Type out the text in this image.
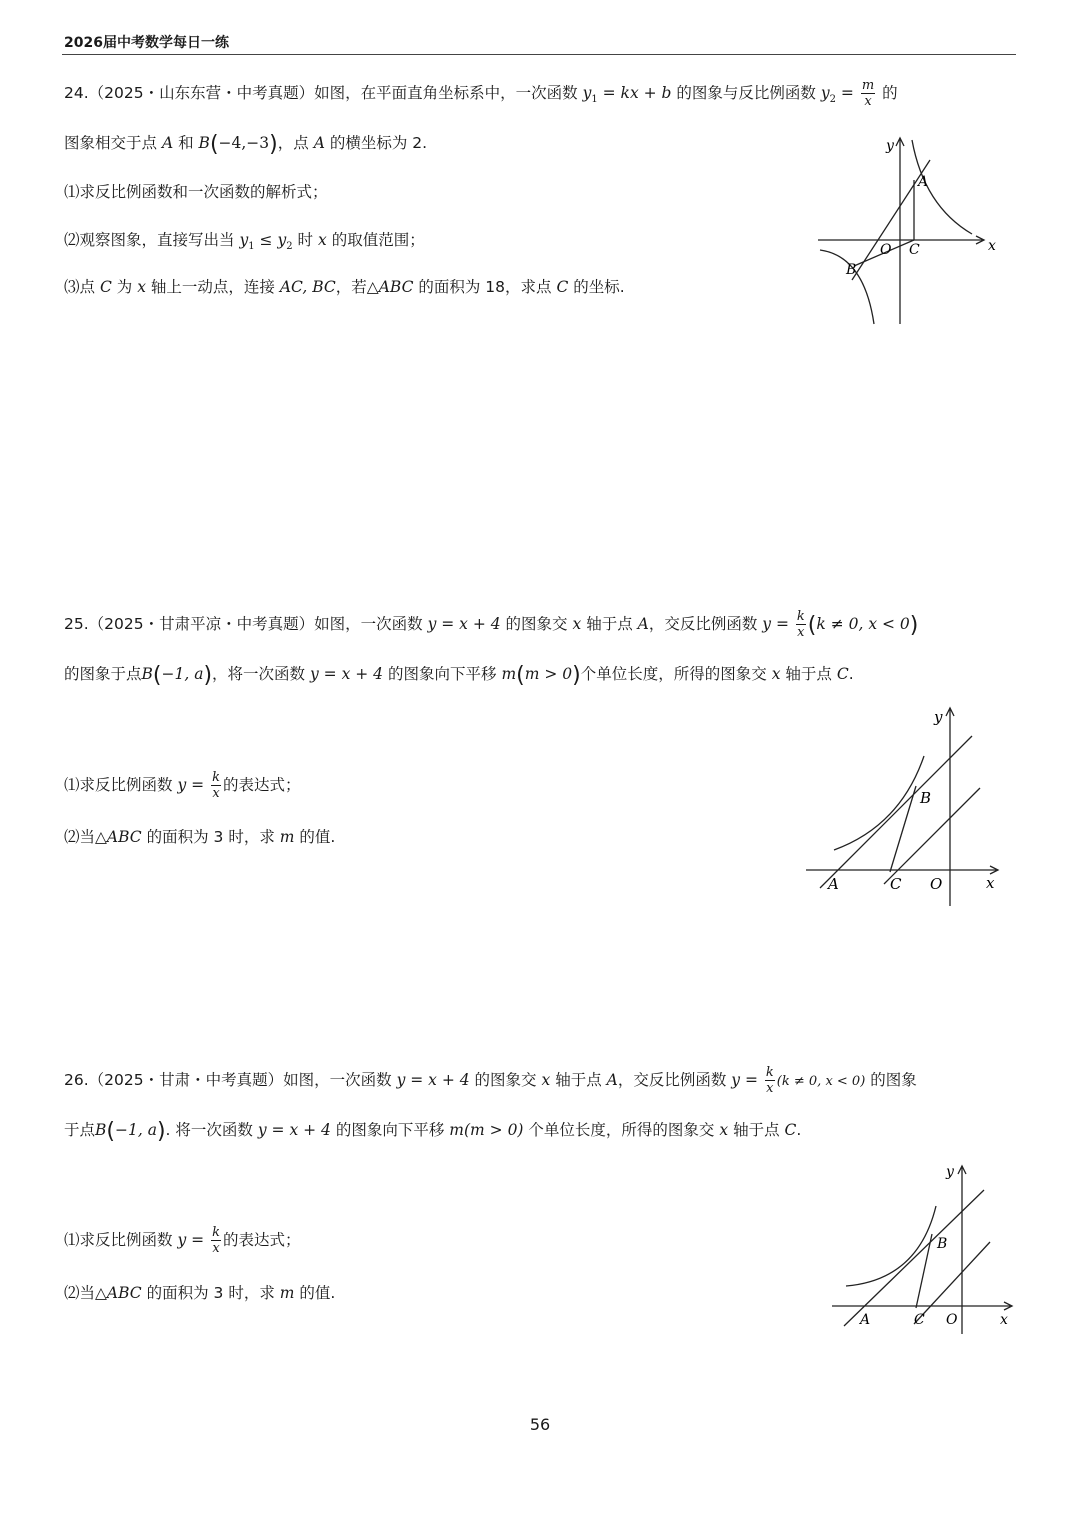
2026届中考数学每日一练
24.（2025・山东东营・中考真题）如图，在平面直角坐标系中，一次函数 $y_1$ = kx + b 的图象与反比例函数 $y_2 = \frac{m}{x}$ 的
图象相交于点 A 和 B(−4,−3)，点 A 的横坐标为 2.
⑴求反比例函数和一次函数的解析式；
⑵观察图象，直接写出当 $y_1 \le y_2$ 时 x 的取值范围；
⑶点 C 为 x 轴上一动点，连接 AC, BC，若△ABC 的面积为 18，求点 C 的坐标.
y
x
A
B
O C
25.（2025・甘肃平凉・中考真题）如图，一次函数 y = x + 4 的图象交 x 轴于点 A，交反比例函数 $y = \frac{k}{x} (k \ne 0$, x < 0)
的图象于点B(−1, a)，将一次函数 y = x + 4 的图象向下平移 m(m > 0)个单位长度，所得的图象交 x 轴于点 C.
⑴求反比例函数 $y = \frac{k}{x}$ 的表达式；
⑵当△ABC 的面积为 3 时，求 m 的值.
y
x
A
B
C O
26.（2025・甘肃・中考真题）如图，一次函数 y = x + 4 的图象交 x 轴于点 A，交反比例函数 $y = \frac{k}{x} (k \ne 0$, x < 0) 的图象
于点B(−1, a). 将一次函数 y = x + 4 的图象向下平移 m(m > 0) 个单位长度，所得的图象交 x 轴于点 C.
⑴求反比例函数 $y = \frac{k}{x}$ 的表达式；
⑵当△ABC 的面积为 3 时，求 m 的值.
y
x
A
B
C O
56
